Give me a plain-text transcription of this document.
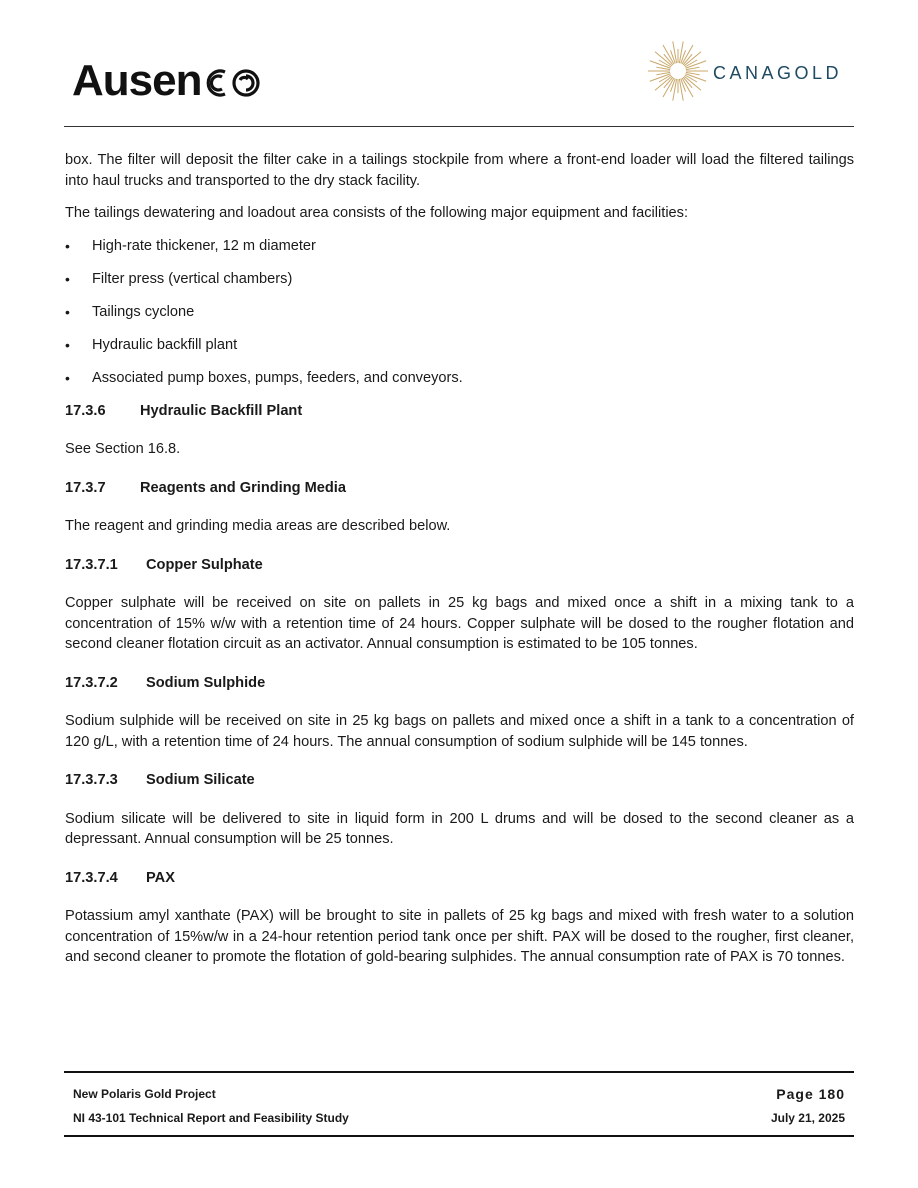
Ausen	CANAGOLD

box. The filter will deposit the filter cake in a tailings stockpile from where a front-end loader will load the filtered tailings into haul trucks and transported to the dry stack facility.

The tailings dewatering and loadout area consists of the following major equipment and facilities:

• High-rate thickener, 12 m diameter
• Filter press (vertical chambers)
• Tailings cyclone
• Hydraulic backfill plant
• Associated pump boxes, pumps, feeders, and conveyors.
17.3.6 Hydraulic Backfill Plant

See Section 16.8.

17.3.7 Reagents and Grinding Media

The reagent and grinding media areas are described below.

17.3.7.1 Copper Sulphate

Copper sulphate will be received on site on pallets in 25 kg bags and mixed once a shift in a mixing tank to a concentration of 15% w/w with a retention time of 24 hours. Copper sulphate will be dosed to the rougher flotation and second cleaner flotation circuit as an activator. Annual consumption is estimated to be 105 tonnes.

17.3.7.2 Sodium Sulphide

Sodium sulphide will be received on site in 25 kg bags on pallets and mixed once a shift in a tank to a concentration of 120 g/L, with a retention time of 24 hours. The annual consumption of sodium sulphide will be 145 tonnes.

17.3.7.3 Sodium Silicate

Sodium silicate will be delivered to site in liquid form in 200 L drums and will be dosed to the second cleaner as a depressant. Annual consumption will be 25 tonnes.

17.3.7.4 PAX

Potassium amyl xanthate (PAX) will be brought to site in pallets of 25 kg bags and mixed with fresh water to a solution concentration of 15%w/w in a 24-hour retention period tank once per shift. PAX will be dosed to the rougher, first cleaner, and second cleaner to promote the flotation of gold-bearing sulphides. The annual consumption rate of PAX is 70 tonnes.

New Polaris Gold Project	Page 180
NI 43-101 Technical Report and Feasibility Study	July 21, 2025
